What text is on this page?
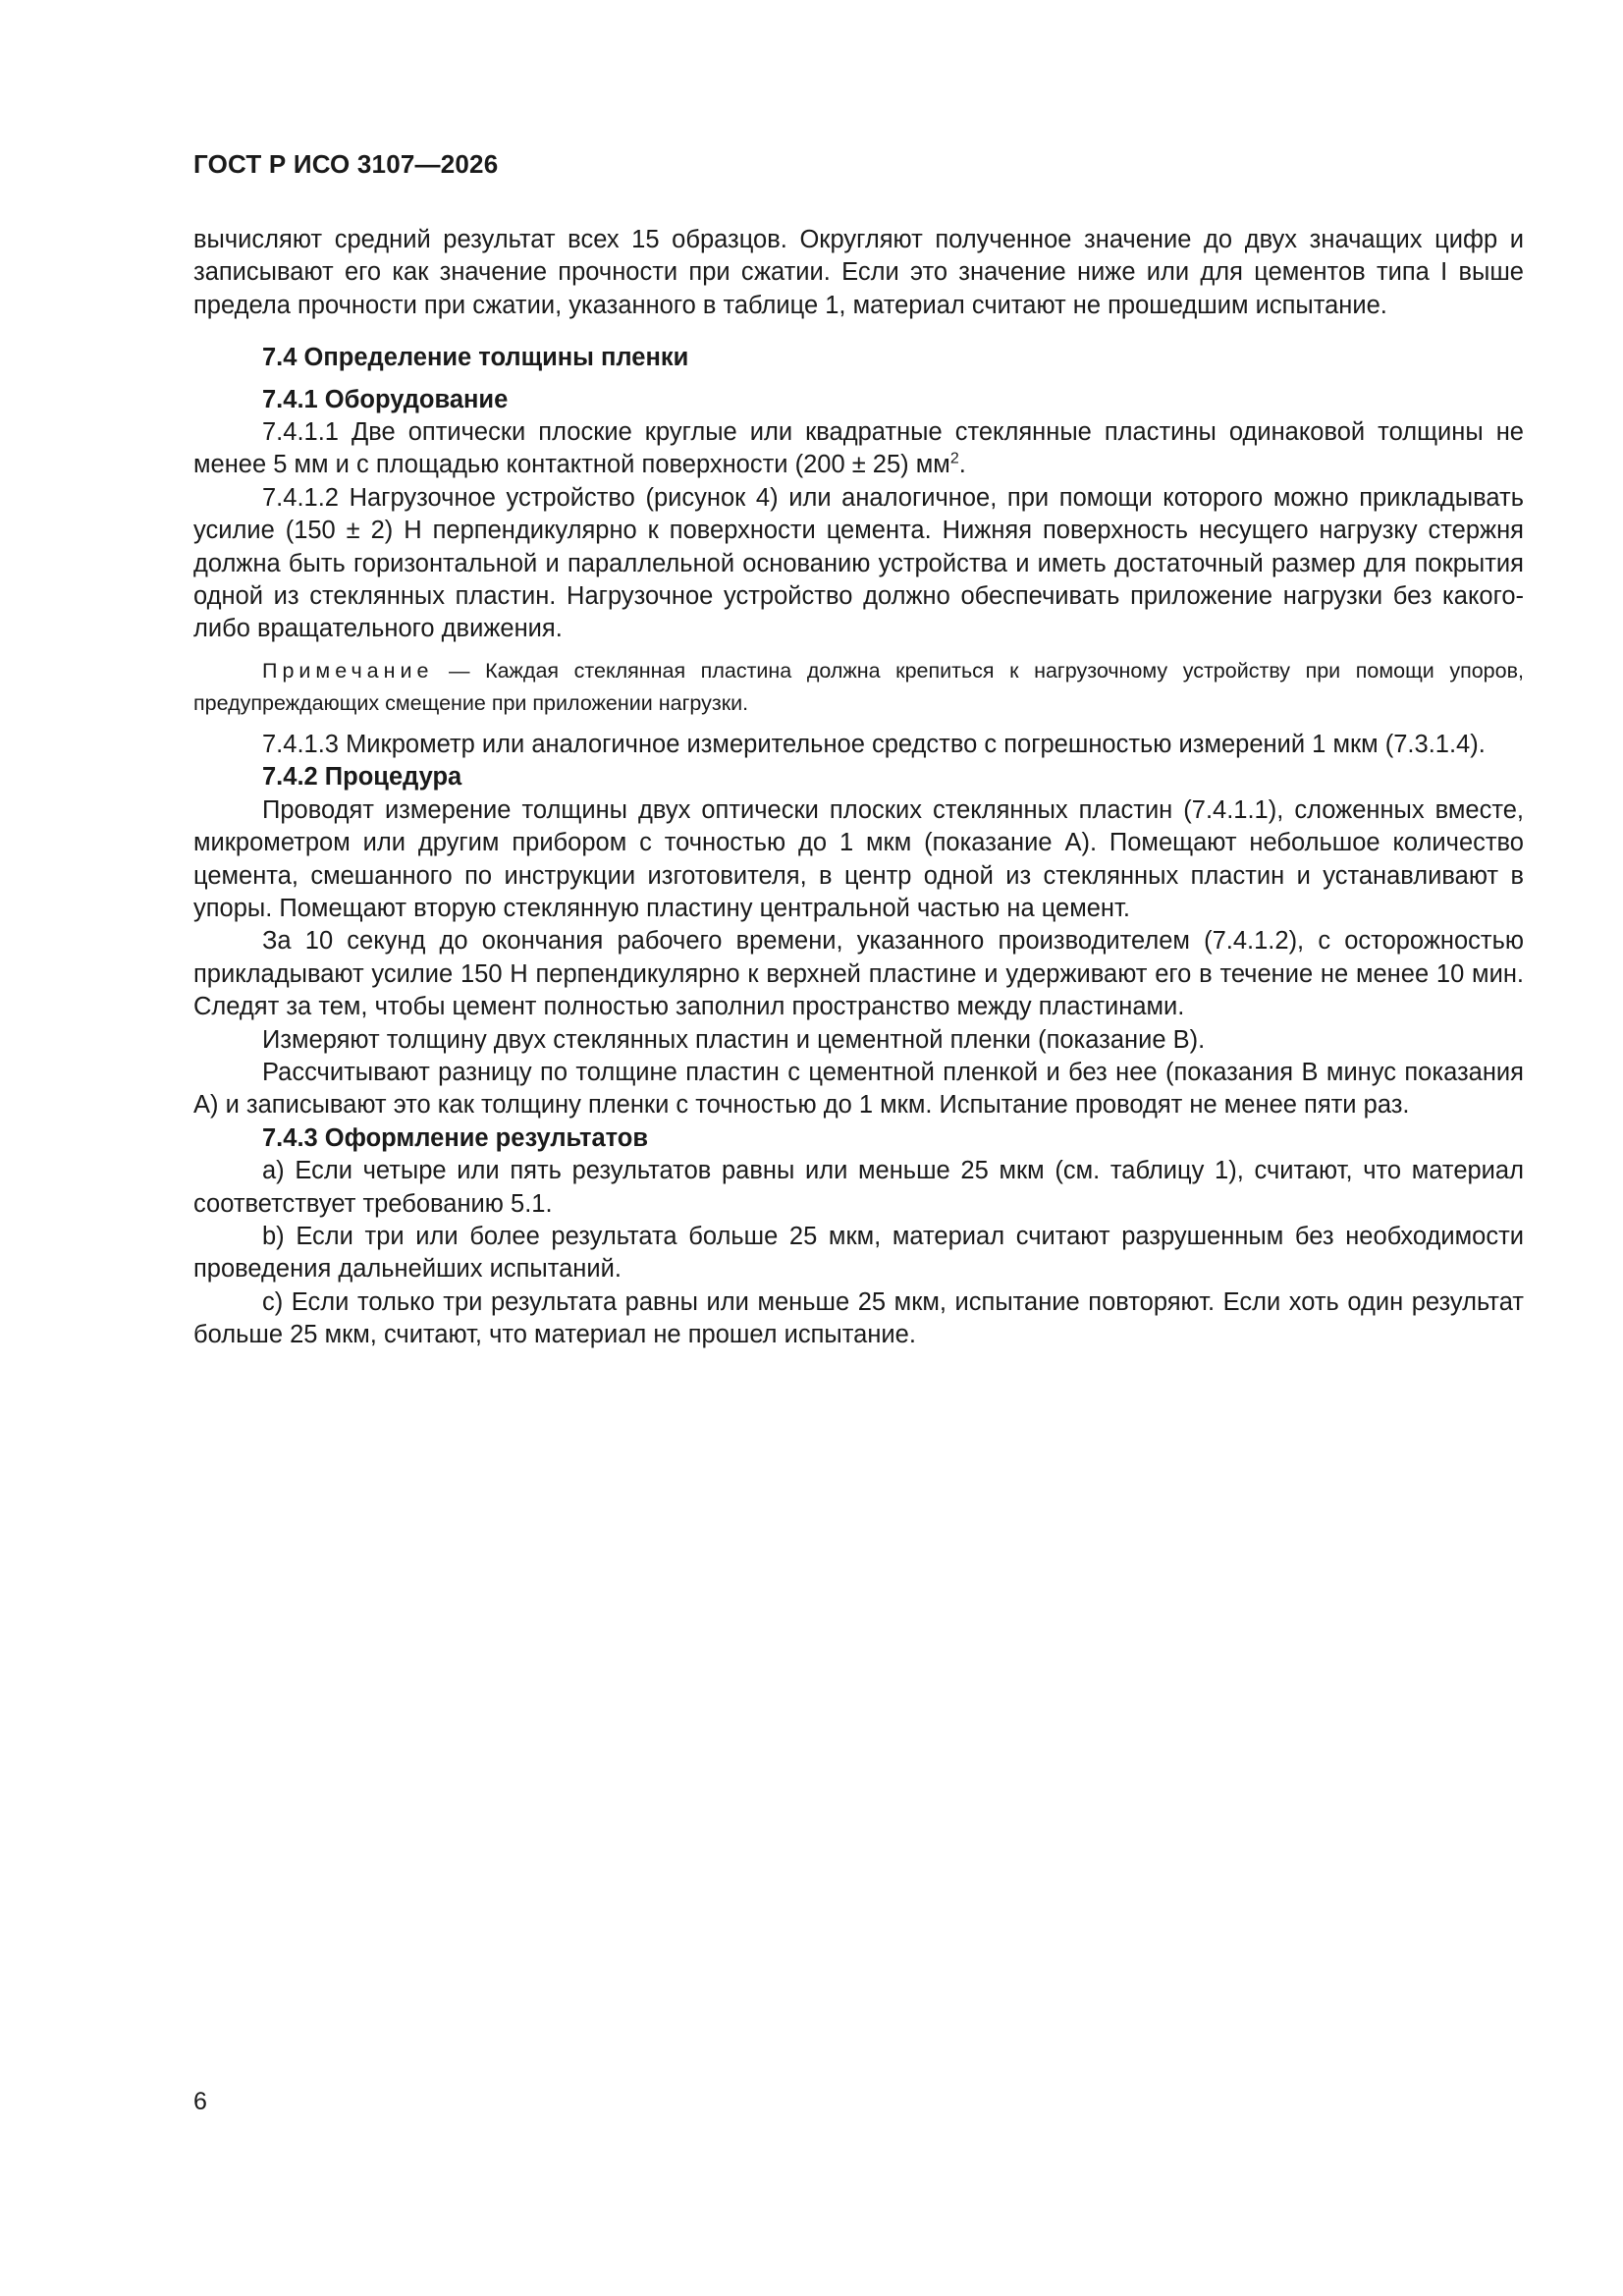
ГОСТ Р ИСО 3107—2026

вычисляют средний результат всех 15 образцов. Округляют полученное значение до двух значащих цифр и записывают его как значение прочности при сжатии. Если это значение ниже или для цементов типа I выше предела прочности при сжатии, указанного в таблице 1, материал считают не прошедшим испытание.

7.4 Определение толщины пленки

7.4.1 Оборудование

7.4.1.1 Две оптически плоские круглые или квадратные стеклянные пластины одинаковой толщины не менее 5 мм и с площадью контактной поверхности (200 ± 25) $мм^2$.

7.4.1.2 Нагрузочное устройство (рисунок 4) или аналогичное, при помощи которого можно прикладывать усилие (150 ± 2) Н перпендикулярно к поверхности цемента. Нижняя поверхность несущего нагрузку стержня должна быть горизонтальной и параллельной основанию устройства и иметь достаточный размер для покрытия одной из стеклянных пластин. Нагрузочное устройство должно обеспечивать приложение нагрузки без какого-либо вращательного движения.

Примечание — Каждая стеклянная пластина должна крепиться к нагрузочному устройству при помощи упоров, предупреждающих смещение при приложении нагрузки.

7.4.1.3 Микрометр или аналогичное измерительное средство с погрешностью измерений 1 мкм (7.3.1.4).

7.4.2 Процедура

Проводят измерение толщины двух оптически плоских стеклянных пластин (7.4.1.1), сложенных вместе, микрометром или другим прибором с точностью до 1 мкм (показание A). Помещают небольшое количество цемента, смешанного по инструкции изготовителя, в центр одной из стеклянных пластин и устанавливают в упоры. Помещают вторую стеклянную пластину центральной частью на цемент.

За 10 секунд до окончания рабочего времени, указанного производителем (7.4.1.2), с осторожностью прикладывают усилие 150 Н перпендикулярно к верхней пластине и удерживают его в течение не менее 10 мин. Следят за тем, чтобы цемент полностью заполнил пространство между пластинами.

Измеряют толщину двух стеклянных пластин и цементной пленки (показание B).

Рассчитывают разницу по толщине пластин с цементной пленкой и без нее (показания B минус показания A) и записывают это как толщину пленки с точностью до 1 мкм. Испытание проводят не менее пяти раз.

7.4.3 Оформление результатов

a) Если четыре или пять результатов равны или меньше 25 мкм (см. таблицу 1), считают, что материал соответствует требованию 5.1.

b) Если три или более результата больше 25 мкм, материал считают разрушенным без необходимости проведения дальнейших испытаний.

c) Если только три результата равны или меньше 25 мкм, испытание повторяют. Если хоть один результат больше 25 мкм, считают, что материал не прошел испытание.

6
